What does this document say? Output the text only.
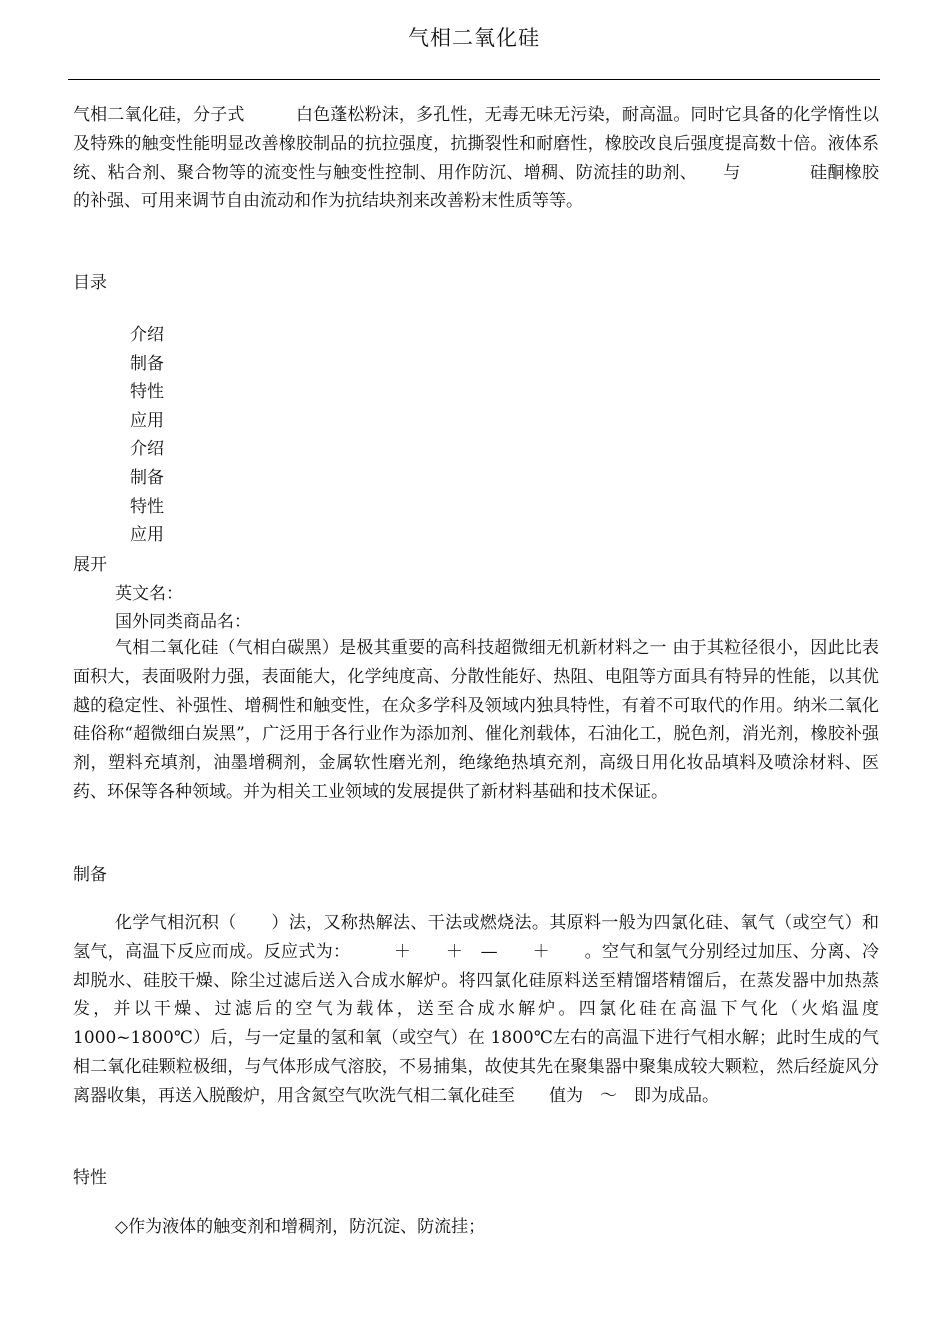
气相二氧化硅
气相二氧化硅，分子式　　　白色蓬松粉沫，多孔性，无毒无味无污染，耐高温。同时它具备的化学惰性以及特殊的触变性能明显改善橡胶制品的抗拉强度，抗撕裂性和耐磨性，橡胶改良后强度提高数十倍。液体系统、粘合剂、聚合物等的流变性与触变性控制、用作防沉、增稠、防流挂的助剂、　　与　　　　硅酮橡胶的补强、可用来调节自由流动和作为抗结块剂来改善粉末性质等等。
目录
介绍
制备
特性
应用
介绍
制备
特性
应用
展开
英文名：
国外同类商品名：
气相二氧化硅（气相白碳黑）是极其重要的高科技超微细无机新材料之一 由于其粒径很小，因此比表面积大，表面吸附力强，表面能大，化学纯度高、分散性能好、热阻、电阻等方面具有特异的性能，以其优越的稳定性、补强性、增稠性和触变性，在众多学科及领域内独具特性，有着不可取代的作用。纳米二氧化硅俗称“超微细白炭黑”，广泛用于各行业作为添加剂、催化剂载体，石油化工，脱色剂，消光剂，橡胶补强剂，塑料充填剂，油墨增稠剂，金属软性磨光剂，绝缘绝热填充剂，高级日用化妆品填料及喷涂材料、医药、环保等各种领域。并为相关工业领域的发展提供了新材料基础和技术保证。
制备
化学气相沉积（　　）法，又称热解法、干法或燃烧法。其原料一般为四氯化硅、氧气（或空气）和氢气，高温下反应而成。反应式为：　　　＋　　＋　—　　＋　　。空气和氢气分别经过加压、分离、冷却脱水、硅胶干燥、除尘过滤后送入合成水解炉。将四氯化硅原料送至精馏塔精馏后，在蒸发器中加热蒸发，并以干燥、过滤后的空气为载体，送至合成水解炉。四氯化硅在高温下气化（火焰温度 1000~1800℃）后，与一定量的氢和氧（或空气）在 1800℃左右的高温下进行气相水解；此时生成的气相二氧化硅颗粒极细，与气体形成气溶胶，不易捕集，故使其先在聚集器中聚集成较大颗粒，然后经旋风分离器收集，再送入脱酸炉，用含氮空气吹洗气相二氧化硅至　　值为　～　即为成品。
特性
◇作为液体的触变剂和增稠剂，防沉淀、防流挂；
